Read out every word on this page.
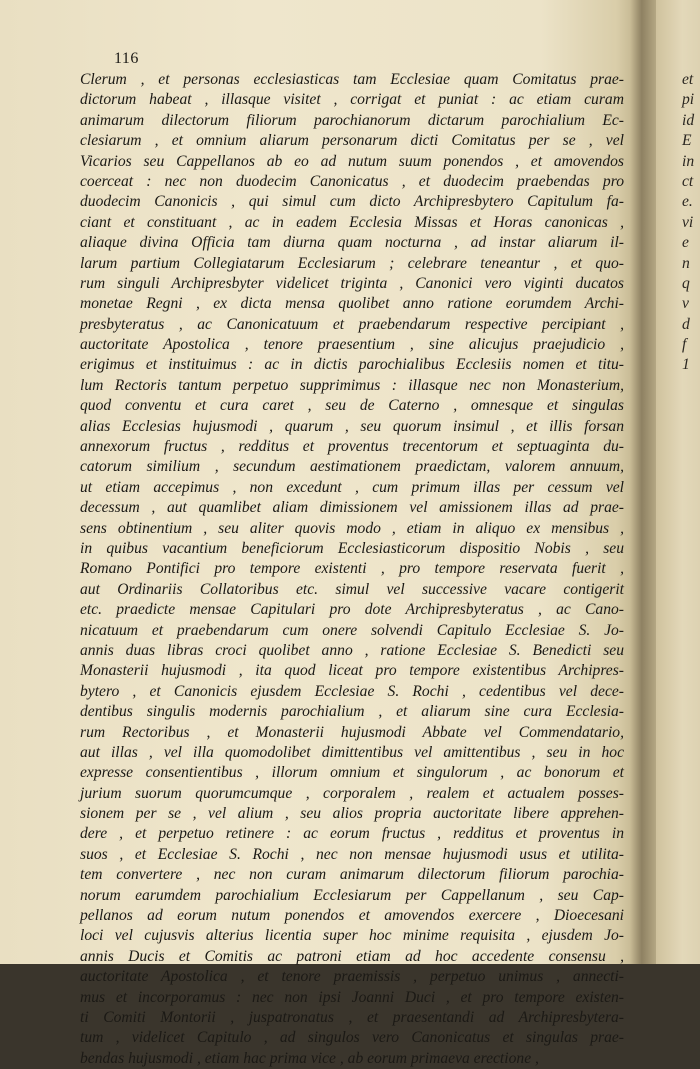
116
Clerum , et personas ecclesiasticas tam Ecclesiae quam Comitatus prae-
dictorum habeat , illasque visitet , corrigat et puniat : ac etiam curam
animarum dilectorum filiorum parochianorum dictarum parochialium Ec-
clesiarum , et omnium aliarum personarum dicti Comitatus per se , vel
Vicarios seu Cappellanos ab eo ad nutum suum ponendos , et amovendos
coerceat : nec non duodecim Canonicatus , et duodecim praebendas pro
duodecim Canonicis , qui simul cum dicto Archipresbytero Capitulum fa-
ciant et constituant , ac in eadem Ecclesia Missas et Horas canonicas ,
aliaque divina Officia tam diurna quam nocturna , ad instar aliarum il-
larum partium Collegiatarum Ecclesiarum ; celebrare teneantur , et quo-
rum singuli Archipresbyter videlicet triginta , Canonici vero viginti ducatos
monetae Regni , ex dicta mensa quolibet anno ratione eorumdem Archi-
presbyteratus , ac Canonicatuum et praebendarum respective percipiant ,
auctoritate Apostolica , tenore praesentium , sine alicujus praejudicio ,
erigimus et instituimus : ac in dictis parochialibus Ecclesiis nomen et titu-
lum Rectoris tantum perpetuo supprimimus : illasque nec non Monasterium,
quod conventu et cura caret , seu de Caterno , omnesque et singulas
alias Ecclesias hujusmodi , quarum , seu quorum insimul , et illis forsan
annexorum fructus , redditus et proventus trecentorum et septuaginta du-
catorum similium , secundum aestimationem praedictam, valorem annuum,
ut etiam accepimus , non excedunt , cum primum illas per cessum vel
decessum , aut quamlibet aliam dimissionem vel amissionem illas ad prae-
sens obtinentium , seu aliter quovis modo , etiam in aliquo ex mensibus ,
in quibus vacantium beneficiorum Ecclesiasticorum dispositio Nobis , seu
Romano Pontifici pro tempore existenti , pro tempore reservata fuerit ,
aut Ordinariis Collatoribus etc. simul vel successive vacare contigerit
etc. praedicte mensae Capitulari pro dote Archipresbyteratus , ac Cano-
nicatuum et praebendarum cum onere solvendi Capitulo Ecclesiae S. Jo-
annis duas libras croci quolibet anno , ratione Ecclesiae S. Benedicti seu
Monasterii hujusmodi , ita quod liceat pro tempore existentibus Archipres-
bytero , et Canonicis ejusdem Ecclesiae S. Rochi , cedentibus vel dece-
dentibus singulis modernis parochialium , et aliarum sine cura Ecclesia-
rum Rectoribus , et Monasterii hujusmodi Abbate vel Commendatario,
aut illas , vel illa quomodolibet dimittentibus vel amittentibus , seu in hoc
expresse consentientibus , illorum omnium et singulorum , ac bonorum et
jurium suorum quorumcumque , corporalem , realem et actualem posses-
sionem per se , vel alium , seu alios propria auctoritate libere apprehen-
dere , et perpetuo retinere : ac eorum fructus , redditus et proventus in
suos , et Ecclesiae S. Rochi , nec non mensae hujusmodi usus et utilita-
tem convertere , nec non curam animarum dilectorum filiorum parochia-
norum earumdem parochialium Ecclesiarum per Cappellanum , seu Cap-
pellanos ad eorum nutum ponendos et amovendos exercere , Dioecesani
loci vel cujusvis alterius licentia super hoc minime requisita , ejusdem Jo-
annis Ducis et Comitis ac patroni etiam ad hoc accedente consensu ,
auctoritate Apostolica , et tenore praemissis , perpetuo unimus , annecti-
mus et incorporamus : nec non ipsi Joanni Duci , et pro tempore existen-
ti Comiti Montorii , juspatronatus , et praesentandi ad Archipresbytera-
tum , videlicet Capitulo , ad singulos vero Canonicatus et singulas prae-
bendas hujusmodi , etiam hac prima vice , ab eorum primaeva erectione ,
et
pi
id
E
in
ct
e.
vi
e
n
q
v
d
f
1
